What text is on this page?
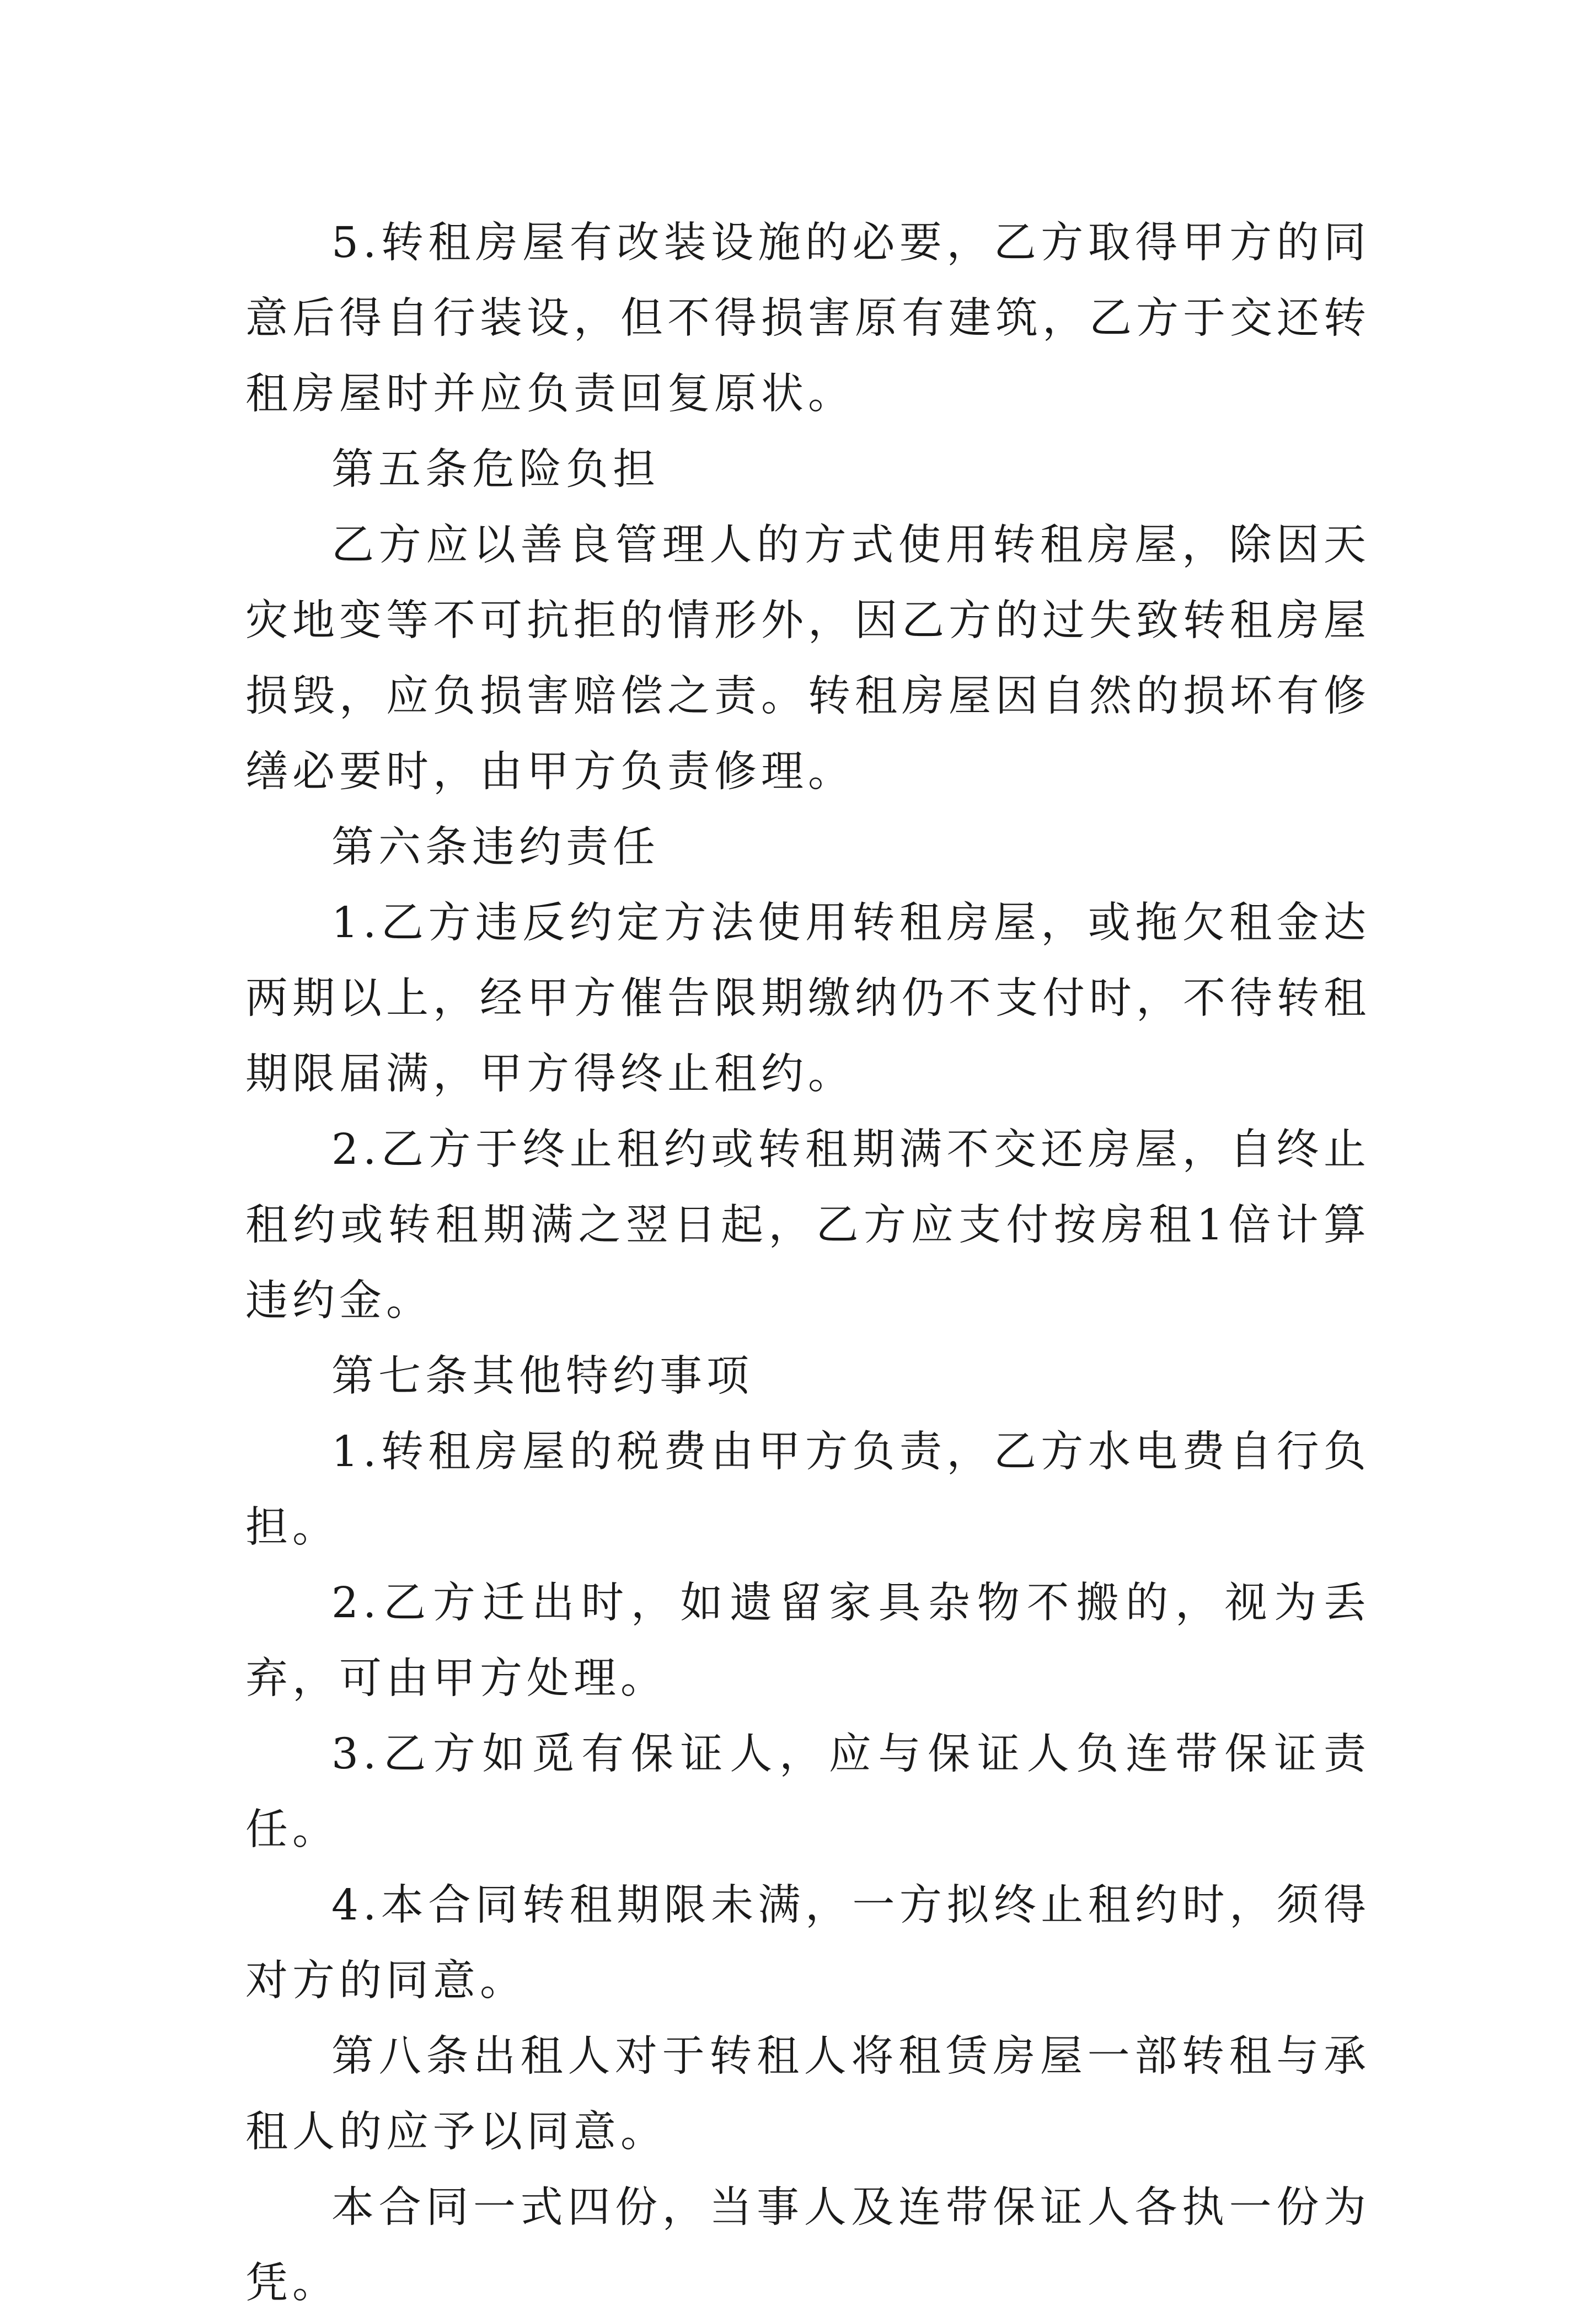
5.转租房屋有改装设施的必要，乙方取得甲方的同意后得自行装设，但不得损害原有建筑，乙方于交还转租房屋时并应负责回复原状。

第五条危险负担

乙方应以善良管理人的方式使用转租房屋，除因天灾地变等不可抗拒的情形外，因乙方的过失致转租房屋损毁，应负损害赔偿之责。转租房屋因自然的损坏有修缮必要时，由甲方负责修理。

第六条违约责任

1.乙方违反约定方法使用转租房屋，或拖欠租金达两期以上，经甲方催告限期缴纳仍不支付时，不待转租期限届满，甲方得终止租约。

2.乙方于终止租约或转租期满不交还房屋，自终止租约或转租期满之翌日起，乙方应支付按房租1倍计算违约金。

第七条其他特约事项

1.转租房屋的税费由甲方负责，乙方水电费自行负担。

2.乙方迁出时，如遗留家具杂物不搬的，视为丢弃，可由甲方处理。

3.乙方如觅有保证人，应与保证人负连带保证责任。

4.本合同转租期限未满，一方拟终止租约时，须得对方的同意。

第八条出租人对于转租人将租赁房屋一部转租与承租人的应予以同意。

本合同一式四份，当事人及连带保证人各执一份为凭。
